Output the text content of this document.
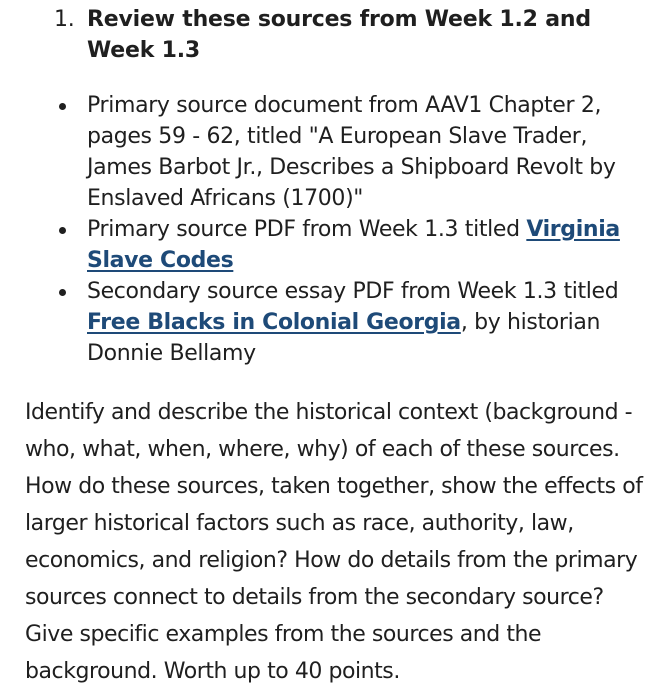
1. Review these sources from Week 1.2 and Week 1.3
Primary source document from AAV1 Chapter 2, pages 59 - 62, titled "A European Slave Trader, James Barbot Jr., Describes a Shipboard Revolt by Enslaved Africans (1700)"
Primary source PDF from Week 1.3 titled Virginia Slave Codes
Secondary source essay PDF from Week 1.3 titled Free Blacks in Colonial Georgia, by historian Donnie Bellamy

Identify and describe the historical context (background - who, what, when, where, why) of each of these sources. How do these sources, taken together, show the effects of larger historical factors such as race, authority, law, economics, and religion? How do details from the primary sources connect to details from the secondary source? Give specific examples from the sources and the background. Worth up to 40 points.
